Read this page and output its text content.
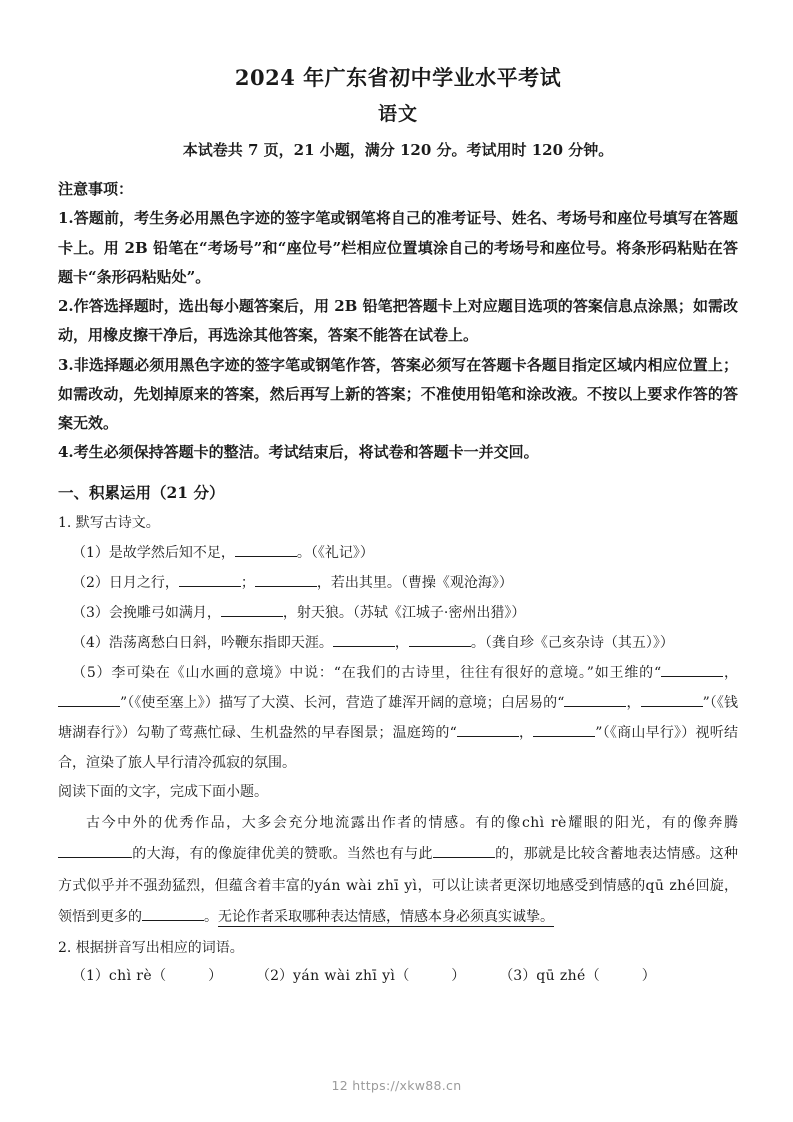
2024 年广东省初中学业水平考试
语文

本试卷共 7 页，21 小题，满分 120 分。考试用时 120 分钟。

注意事项：

1.答题前，考生务必用黑色字迹的签字笔或钢笔将自己的准考证号、姓名、考场号和座位号填写在答题卡上。用 2B 铅笔在“考场号”和“座位号”栏相应位置填涂自己的考场号和座位号。将条形码粘贴在答题卡“条形码粘贴处”。

2.作答选择题时，选出每小题答案后，用 2B 铅笔把答题卡上对应题目选项的答案信息点涂黑；如需改动，用橡皮擦干净后，再选涂其他答案，答案不能答在试卷上。

3.非选择题必须用黑色字迹的签字笔或钢笔作答，答案必须写在答题卡各题目指定区域内相应位置上；如需改动，先划掉原来的答案，然后再写上新的答案；不准使用铅笔和涂改液。不按以上要求作答的答案无效。

4.考生必须保持答题卡的整洁。考试结束后，将试卷和答题卡一并交回。

一、积累运用（21 分）

1. 默写古诗文。

（1）是故学然后知不足，	。（《礼记》）

（2）日月之行，	；	，若出其里。（曹操《观沧海》）

（3）会挽雕弓如满月，	，射天狼。（苏轼《江城子·密州出猎》）

（4）浩荡离愁白日斜，吟鞭东指即天涯。	，	。（龚自珍《己亥杂诗（其五）》）

（5）李可染在《山水画的意境》中说：“在我们的古诗里，往往有很好的意境。”如王维的“	，”（《使至塞上》）描写了大漠、长河，营造了雄浑开阔的意境；白居易的“	，	”（《钱塘湖春行》）勾勒了莺燕忙碌、生机盎然的早春图景；温庭筠的“	，	”（《商山早行》）视听结合，渲染了旅人早行清冷孤寂的氛围。

阅读下面的文字，完成下面小题。

古今中外的优秀作品，大多会充分地流露出作者的情感。有的像chì rè耀眼的阳光，有的像奔腾的大海，有的像旋律优美的赞歌。当然也有与此	的，那就是比较含蓄地表达情感。这种方式似乎并不强劲猛烈，但蕴含着丰富的yán wài zhī yì，可以让读者更深切地感受到情感的qū zhé回旋，领悟到更多的	。无论作者采取哪种表达情感，情感本身必须真实诚挚。

2. 根据拼音写出相应的词语。

（1）chì rè（　　　） （2）yán wài zhī yì（　　　） （3）qū zhé（　　　）

12 https://xkw88.cn
